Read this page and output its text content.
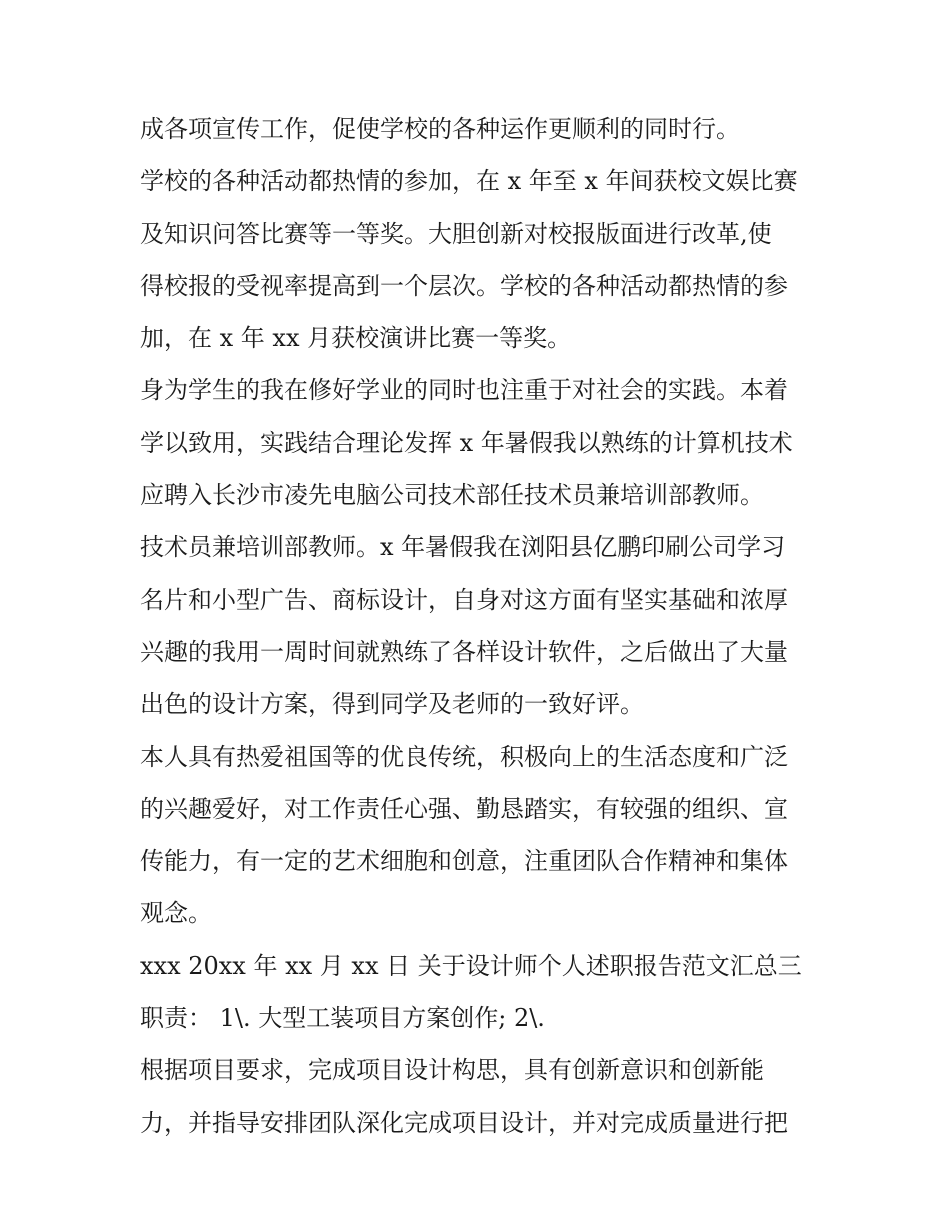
成各项宣传工作，促使学校的各种运作更顺利的同时行。
学校的各种活动都热情的参加，在 x 年至 x 年间获校文娱比赛
及知识问答比赛等一等奖。大胆创新对校报版面进行改革,使
得校报的受视率提高到一个层次。学校的各种活动都热情的参
加，在 x 年 xx 月获校演讲比赛一等奖。
身为学生的我在修好学业的同时也注重于对社会的实践。本着
学以致用，实践结合理论发挥 x 年暑假我以熟练的计算机技术
应聘入长沙市凌先电脑公司技术部任技术员兼培训部教师。
技术员兼培训部教师。x 年暑假我在浏阳县亿鹏印刷公司学习
名片和小型广告、商标设计，自身对这方面有坚实基础和浓厚
兴趣的我用一周时间就熟练了各样设计软件，之后做出了大量
出色的设计方案，得到同学及老师的一致好评。
本人具有热爱祖国等的优良传统，积极向上的生活态度和广泛
的兴趣爱好，对工作责任心强、勤恳踏实，有较强的组织、宣
传能力，有一定的艺术细胞和创意，注重团队合作精神和集体
观念。
xxx 20xx 年 xx 月 xx 日 关于设计师个人述职报告范文汇总三
职责： 1\. 大型工装项目方案创作; 2\.
根据项目要求，完成项目设计构思，具有创新意识和创新能
力，并指导安排团队深化完成项目设计，并对完成质量进行把
